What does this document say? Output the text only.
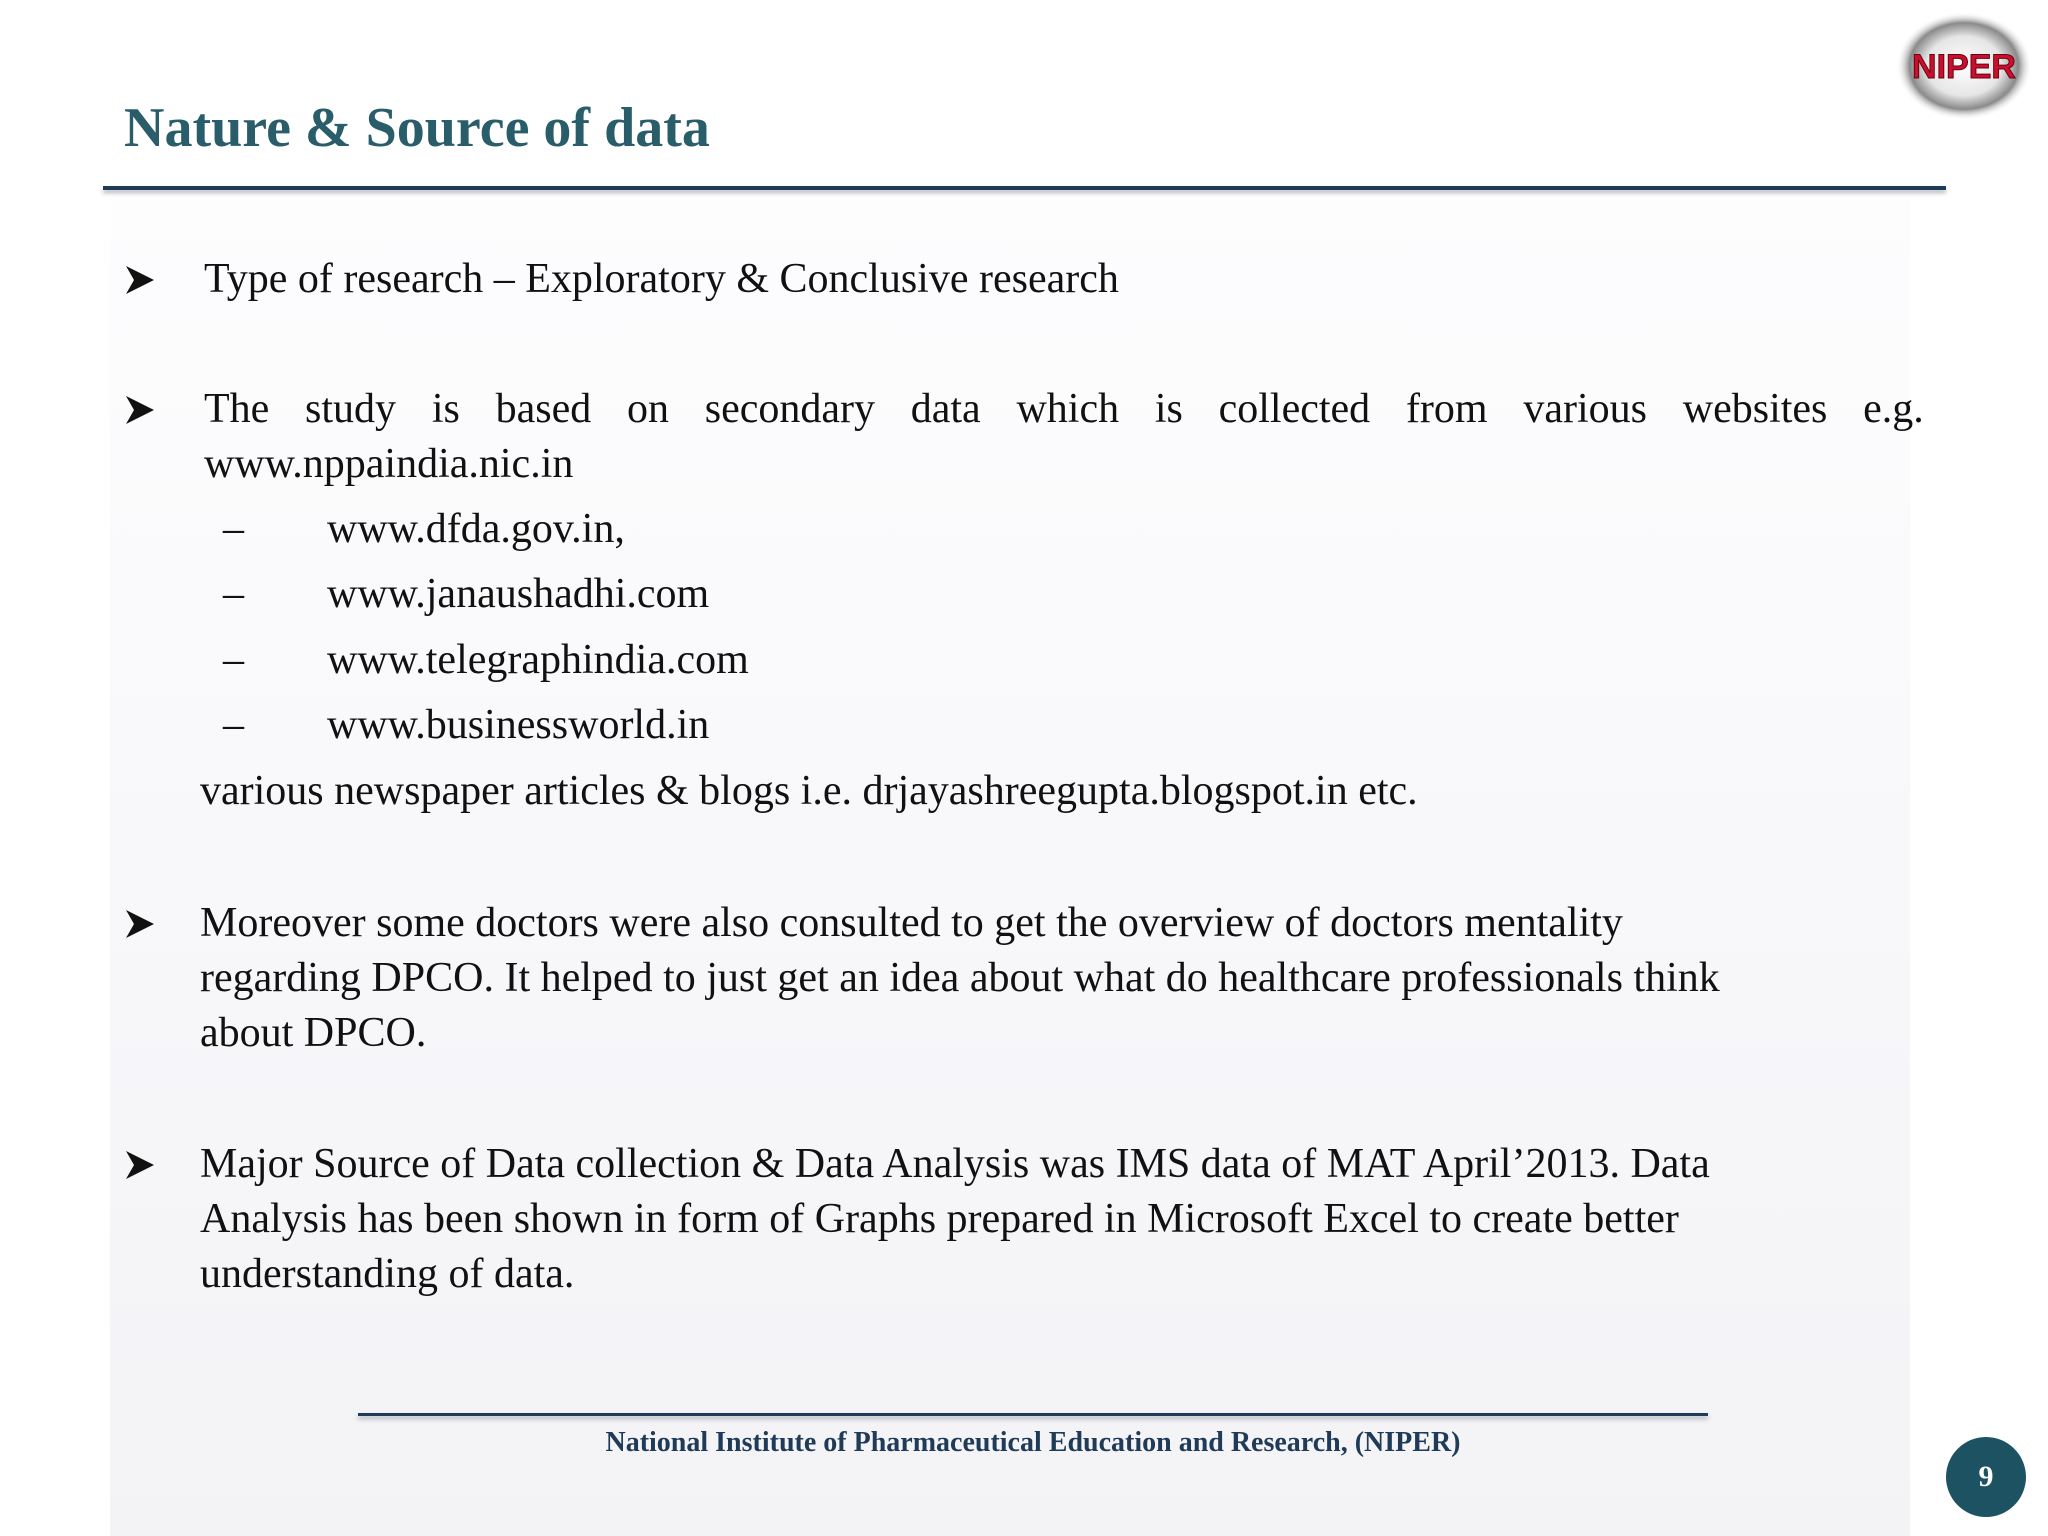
Nature & Source of data
NIPER

Type of research – Exploratory & Conclusive research

The study is based on secondary data which is collected from various websites e.g.

www.nppaindia.nic.in

– www.dfda.gov.in,
– www.janaushadhi.com
– www.telegraphindia.com
– www.businessworld.in
various newspaper articles & blogs i.e. drjayashreegupta.blogspot.in etc.

Moreover some doctors were also consulted to get the overview of doctors mentality

regarding DPCO. It helped to just get an idea about what do healthcare professionals think

about DPCO.

Major Source of Data collection & Data Analysis was IMS data of MAT April’2013. Data

Analysis has been shown in form of Graphs prepared in Microsoft Excel to create better

understanding of data.

National Institute of Pharmaceutical Education and Research, (NIPER)
9
